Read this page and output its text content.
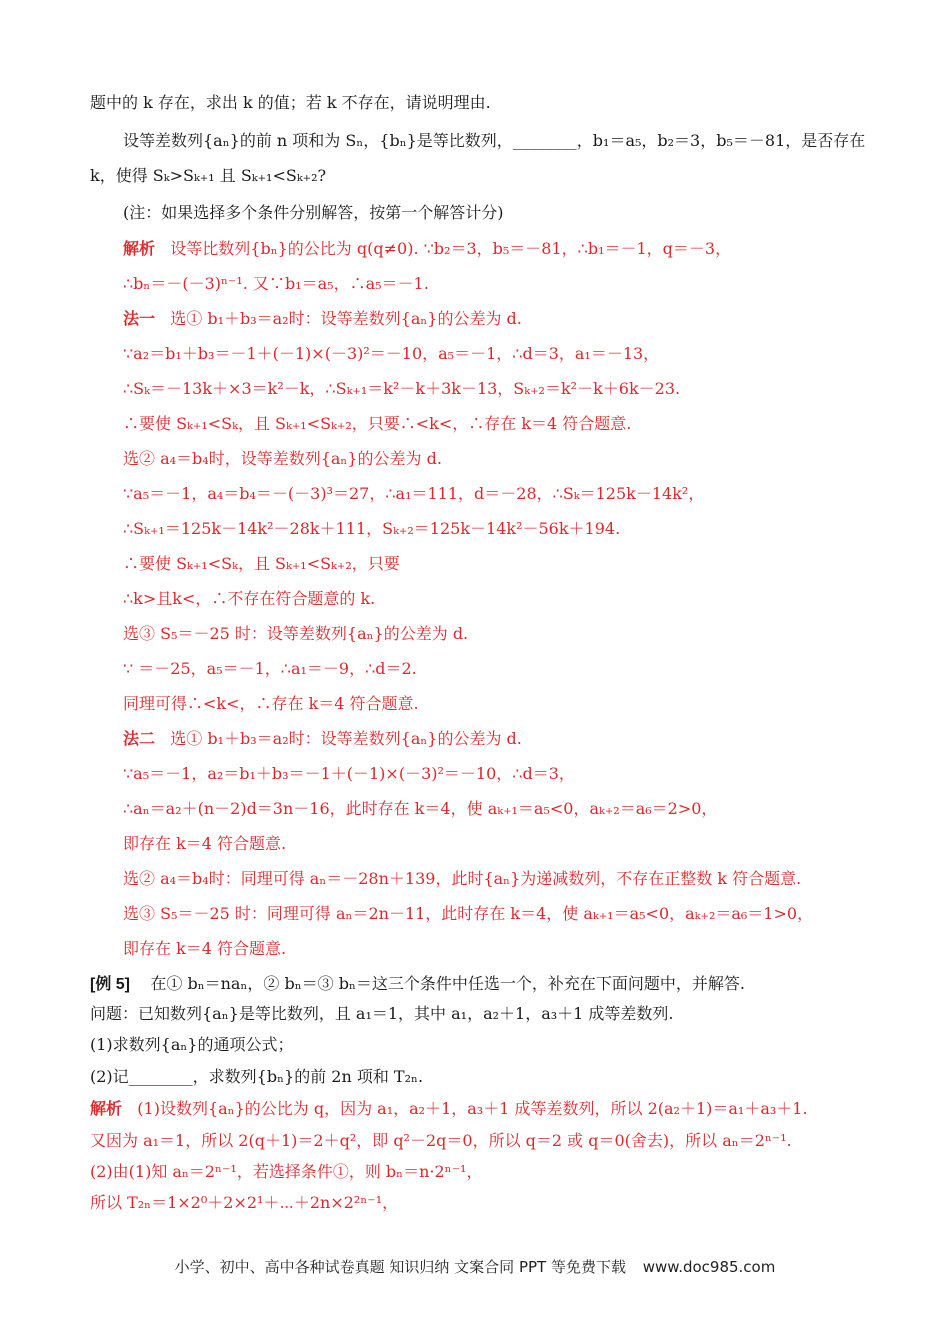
题中的 k 存在，求出 k 的值；若 k 不存在，请说明理由.
设等差数列{aₙ}的前 n 项和为 Sₙ，{bₙ}是等比数列，________，b₁＝a₅，b₂＝3，b₅＝－81，是否存在
k，使得 Sₖ>Sₖ₊₁ 且 Sₖ₊₁<Sₖ₊₂?
(注：如果选择多个条件分别解答，按第一个解答计分)
解析 设等比数列{bₙ}的公比为 q(q≠0). ∵b₂＝3，b₅＝－81，∴b₁＝－1，q＝－3，
∴bₙ＝－(－3)ⁿ⁻¹. 又∵b₁＝a₅，∴a₅＝－1.
法一 选① b₁＋b₃＝a₂时：设等差数列{aₙ}的公差为 d.
∵a₂＝b₁＋b₃＝－1＋(－1)×(－3)²＝－10，a₅＝－1，∴d＝3，a₁＝－13，
∴Sₖ＝－13k＋×3＝k²－k，∴Sₖ₊₁＝k²－k＋3k－13，Sₖ₊₂＝k²－k＋6k－23.
∴要使 Sₖ₊₁<Sₖ，且 Sₖ₊₁<Sₖ₊₂，只要∴<k<，∴存在 k＝4 符合题意.
选② a₄＝b₄时，设等差数列{aₙ}的公差为 d.
∵a₅＝－1，a₄＝b₄＝－(－3)³＝27，∴a₁＝111，d＝－28，∴Sₖ＝125k－14k²，
∴Sₖ₊₁＝125k－14k²－28k＋111，Sₖ₊₂＝125k－14k²－56k＋194.
∴要使 Sₖ₊₁<Sₖ，且 Sₖ₊₁<Sₖ₊₂，只要
∴k>且k<，∴不存在符合题意的 k.
选③ S₅＝－25 时：设等差数列{aₙ}的公差为 d.
∵ ＝－25，a₅＝－1，∴a₁＝－9，∴d＝2.
同理可得∴<k<，∴存在 k＝4 符合题意.
法二 选① b₁＋b₃＝a₂时：设等差数列{aₙ}的公差为 d.
∵a₅＝－1，a₂＝b₁＋b₃＝－1＋(－1)×(－3)²＝－10，∴d＝3，
∴aₙ＝a₂＋(n－2)d＝3n－16，此时存在 k＝4，使 aₖ₊₁＝a₅<0，aₖ₊₂＝a₆＝2>0，
即存在 k＝4 符合题意.
选② a₄＝b₄时：同理可得 aₙ＝－28n＋139，此时{aₙ}为递减数列，不存在正整数 k 符合题意.
选③ S₅＝－25 时：同理可得 aₙ＝2n－11，此时存在 k＝4，使 aₖ₊₁＝a₅<0，aₖ₊₂＝a₆＝1>0，
即存在 k＝4 符合题意.
[例 5] 在① bₙ＝naₙ，② bₙ＝③ bₙ＝这三个条件中任选一个，补充在下面问题中，并解答.
问题：已知数列{aₙ}是等比数列，且 a₁＝1，其中 a₁，a₂＋1，a₃＋1 成等差数列.
(1)求数列{aₙ}的通项公式；
(2)记________，求数列{bₙ}的前 2n 项和 T₂ₙ.
解析 (1)设数列{aₙ}的公比为 q，因为 a₁，a₂＋1，a₃＋1 成等差数列，所以 2(a₂＋1)＝a₁＋a₃＋1.
又因为 a₁＝1，所以 2(q＋1)＝2＋q²，即 q²－2q＝0，所以 q＝2 或 q＝0(舍去)，所以 aₙ＝2ⁿ⁻¹.
(2)由(1)知 aₙ＝2ⁿ⁻¹，若选择条件①，则 bₙ＝n·2ⁿ⁻¹，
所以 T₂ₙ＝1×2⁰＋2×2¹＋⋯＋2n×2²ⁿ⁻¹，
小学、初中、高中各种试卷真题 知识归纳 文案合同 PPT 等免费下载 www.doc985.com
